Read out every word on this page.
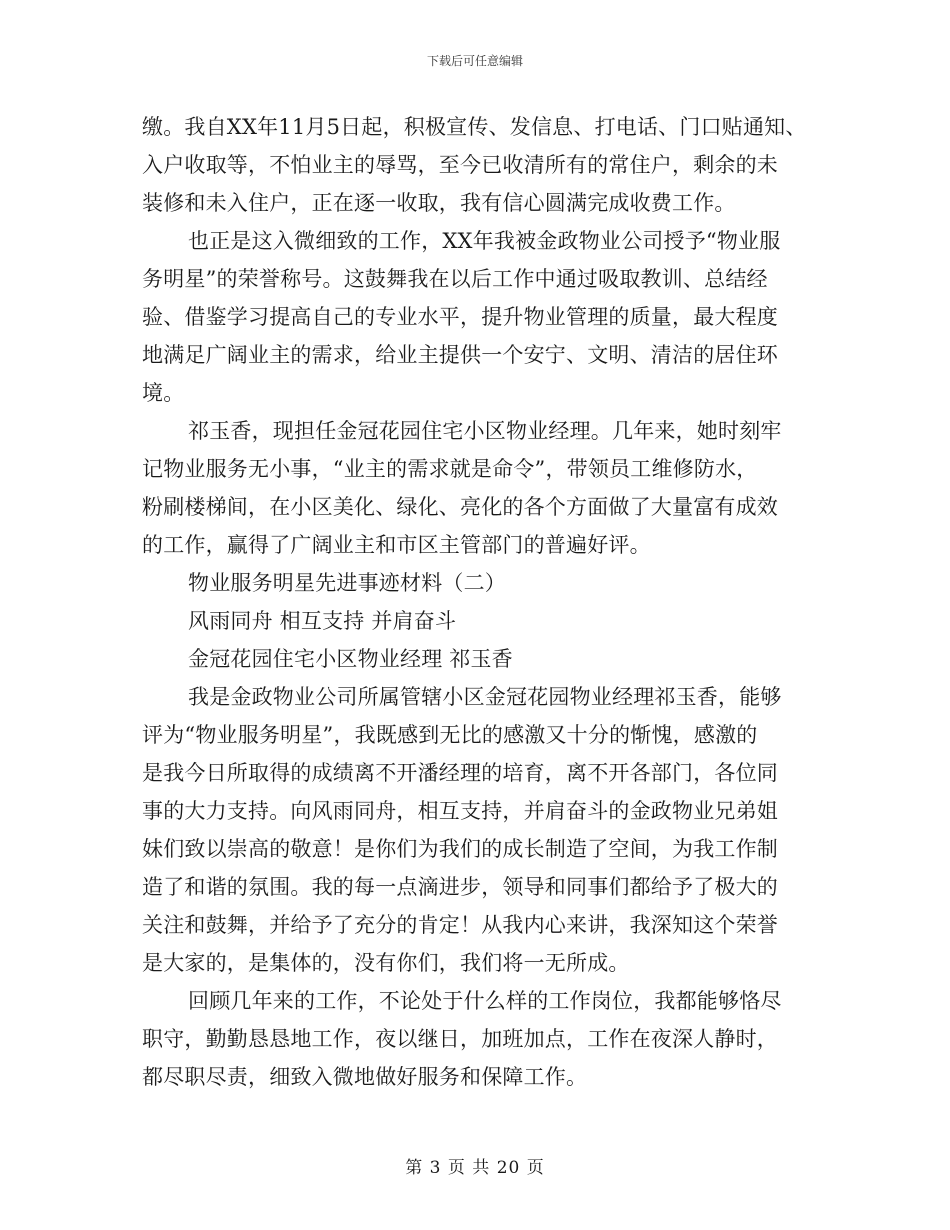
下载后可任意编辑
缴。我自XX年11月5日起，积极宣传、发信息、打电话、门口贴通知、
入户收取等，不怕业主的辱骂，至今已收清所有的常住户，剩余的未
装修和未入住户，正在逐一收取，我有信心圆满完成收费工作。
也正是这入微细致的工作，XX年我被金政物业公司授予“物业服
务明星”的荣誉称号。这鼓舞我在以后工作中通过吸取教训、总结经
验、借鉴学习提高自己的专业水平，提升物业管理的质量，最大程度
地满足广阔业主的需求，给业主提供一个安宁、文明、清洁的居住环
境。
祁玉香，现担任金冠花园住宅小区物业经理。几年来，她时刻牢
记物业服务无小事，“业主的需求就是命令”，带领员工维修防水，
粉刷楼梯间，在小区美化、绿化、亮化的各个方面做了大量富有成效
的工作，赢得了广阔业主和市区主管部门的普遍好评。
物业服务明星先进事迹材料（二）
风雨同舟 相互支持 并肩奋斗
金冠花园住宅小区物业经理 祁玉香
我是金政物业公司所属管辖小区金冠花园物业经理祁玉香，能够
评为“物业服务明星”，我既感到无比的感激又十分的惭愧，感激的
是我今日所取得的成绩离不开潘经理的培育，离不开各部门，各位同
事的大力支持。向风雨同舟，相互支持，并肩奋斗的金政物业兄弟姐
妹们致以崇高的敬意！是你们为我们的成长制造了空间，为我工作制
造了和谐的氛围。我的每一点滴进步，领导和同事们都给予了极大的
关注和鼓舞，并给予了充分的肯定！从我内心来讲，我深知这个荣誉
是大家的，是集体的，没有你们，我们将一无所成。
回顾几年来的工作，不论处于什么样的工作岗位，我都能够恪尽
职守，勤勤恳恳地工作，夜以继日，加班加点，工作在夜深人静时，
都尽职尽责，细致入微地做好服务和保障工作。
第 3 页 共 20 页
